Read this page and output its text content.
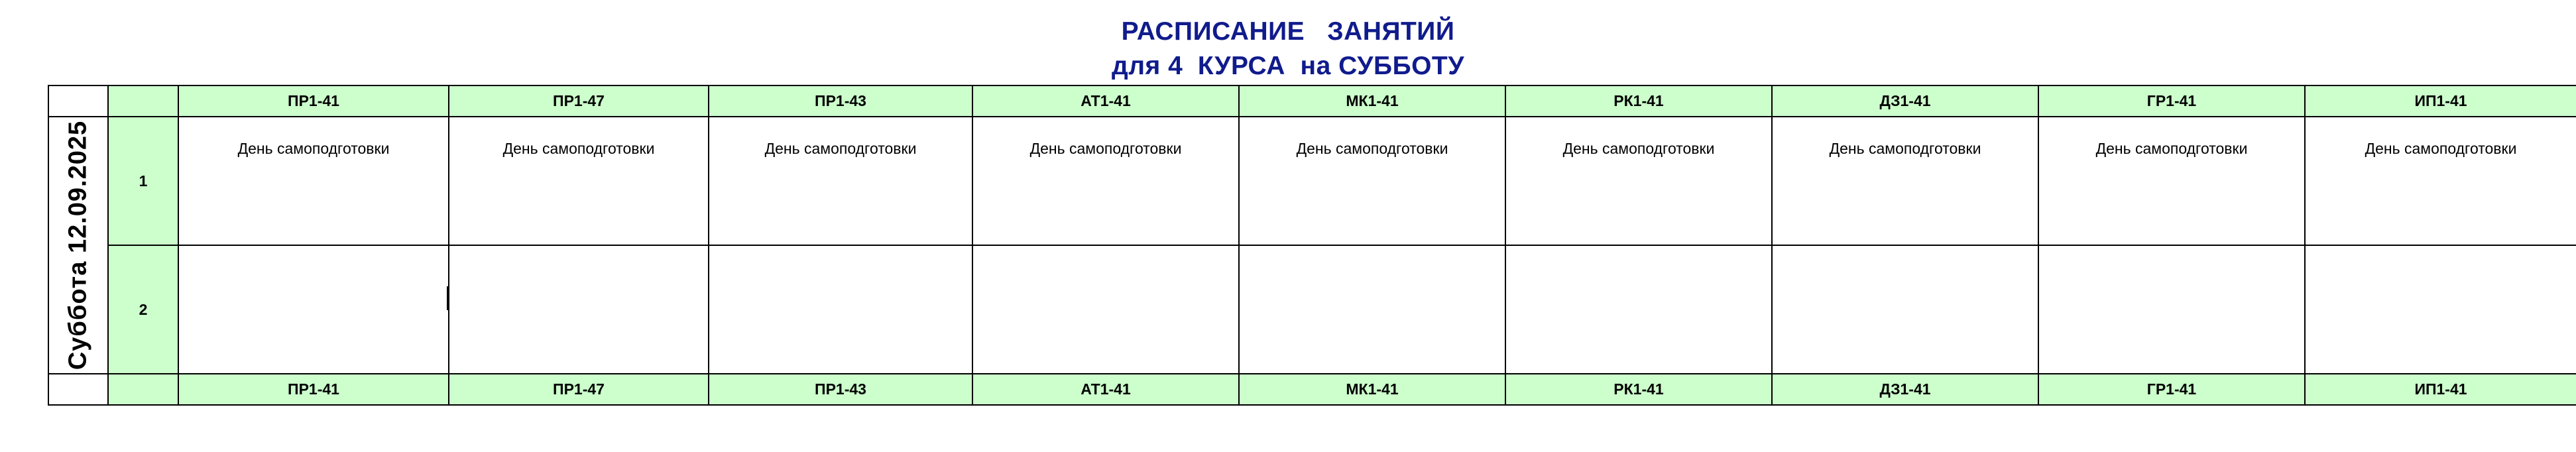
РАСПИСАНИЕ   ЗАНЯТИЙ
для 4  КУРСА  на СУББОТУ
		ПР1-41	ПР1-47	ПР1-43	АТ1-41	МК1-41	РК1-41	ДЗ1-41	ГР1-41	ИП1-41

Суббота 12.09.2025	1	День самоподготовки	День самоподготовки	День самоподготовки	День самоподготовки	День самоподготовки	День самоподготовки	День самоподготовки	День самоподготовки	День самоподготовки

	2	

		ПР1-41	ПР1-47	ПР1-43	АТ1-41	МК1-41	РК1-41	ДЗ1-41	ГР1-41	ИП1-41
